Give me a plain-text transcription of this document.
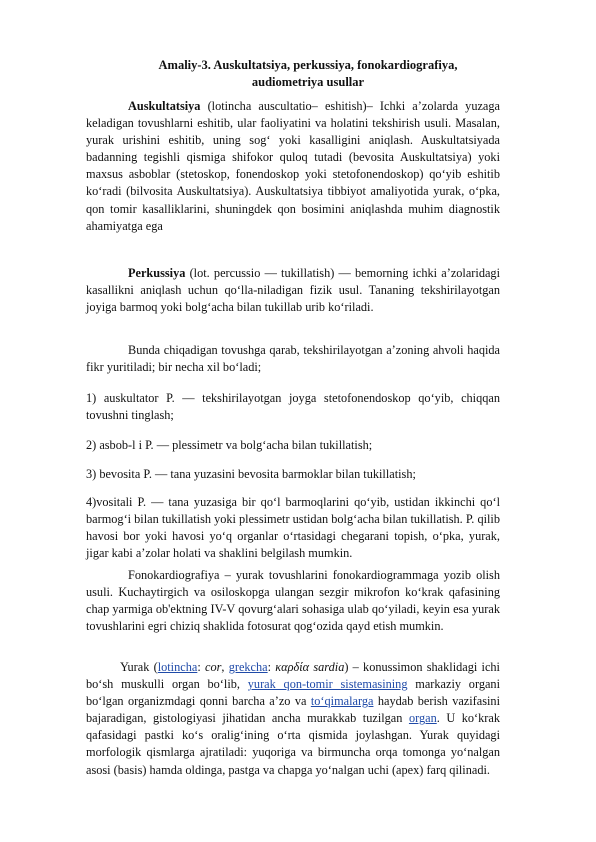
Amaliy-3. Auskultatsiya, perkussiya, fonokardiografiya,
audiometriya usullar

Auskultatsiya (lotincha auscultatio– eshitish)– Ichki a’zolarda yuzaga keladigan tovushlarni eshitib, ular faoliyatini va holatini tekshirish usuli. Masalan, yurak urishini eshitib, uning sog‘ yoki kasalligini aniqlash. Auskultatsiyada badanning tegishli qismiga shifokor quloq tutadi (bevosita Auskultatsiya) yoki maxsus asboblar (stetoskop, fonendoskop yoki stetofonendoskop) qo‘yib eshitib ko‘radi (bilvosita Auskultatsiya). Auskultatsiya tibbiyot amaliyotida yurak, o‘pka, qon tomir kasalliklarini, shuningdek qon bosimini aniqlashda muhim diagnostik ahamiyatga ega

Perkussiya (lot. percussio — tukillatish) — bemorning ichki a’zolaridagi kasallikni aniqlash uchun qo‘lla-niladigan fizik usul. Tananing tekshirilayotgan joyiga barmoq yoki bolg‘acha bilan tukillab urib ko‘riladi.

Bunda chiqadigan tovushga qarab, tekshirilayotgan a’zoning ahvoli haqida fikr yuritiladi; bir necha xil bo‘ladi;

1) auskultator P. — tekshirilayotgan joyga stetofonendoskop qo‘yib, chiqqan tovushni tinglash;

2) asbob-l i P. — plessimetr va bolg‘acha bilan tukillatish;

3) bevosita P. — tana yuzasini bevosita barmoklar bilan tukillatish;

4)vositali P. — tana yuzasiga bir qo‘l barmoqlarini qo‘yib, ustidan ikkinchi qo‘l barmog‘i bilan tukillatish yoki plessimetr ustidan bolg‘acha bilan tukillatish. P. qilib havosi bor yoki havosi yo‘q organlar o‘rtasidagi chegarani topish, o‘pka, yurak, jigar kabi a’zolar holati va shaklini belgilash mumkin.

Fonokardiografiya – yurak tovushlarini fonokardiogrammaga yozib olish usuli. Kuchaytirgich va osiloskopga ulangan sezgir mikrofon ko‘krak qafasining chap yarmiga ob'ektning IV-V qovurg‘alari sohasiga ulab qo‘yiladi, keyin esa yurak tovushlarini egri chiziq shaklida fotosurat qog‘ozida qayd etish mumkin.

Yurak (lotincha: cor, grekcha: καρδία sardia) – konussimon shaklidagi ichi bo‘sh muskulli organ bo‘lib, yurak qon-tomir sistemasining markaziy organi bo‘lgan organizmdagi qonni barcha a’zo va to‘qimalarga haydab berish vazifasini bajaradigan, gistologiyasi jihatidan ancha murakkab tuzilgan organ. U ko‘krak qafasidagi pastki ko‘s oralig‘ining o‘rta qismida joylashgan. Yurak quyidagi morfologik qismlarga ajratiladi: yuqoriga va birmuncha orqa tomonga yo‘nalgan asosi (basis) hamda oldinga, pastga va chapga yo‘nalgan uchi (apex) farq qilinadi.
